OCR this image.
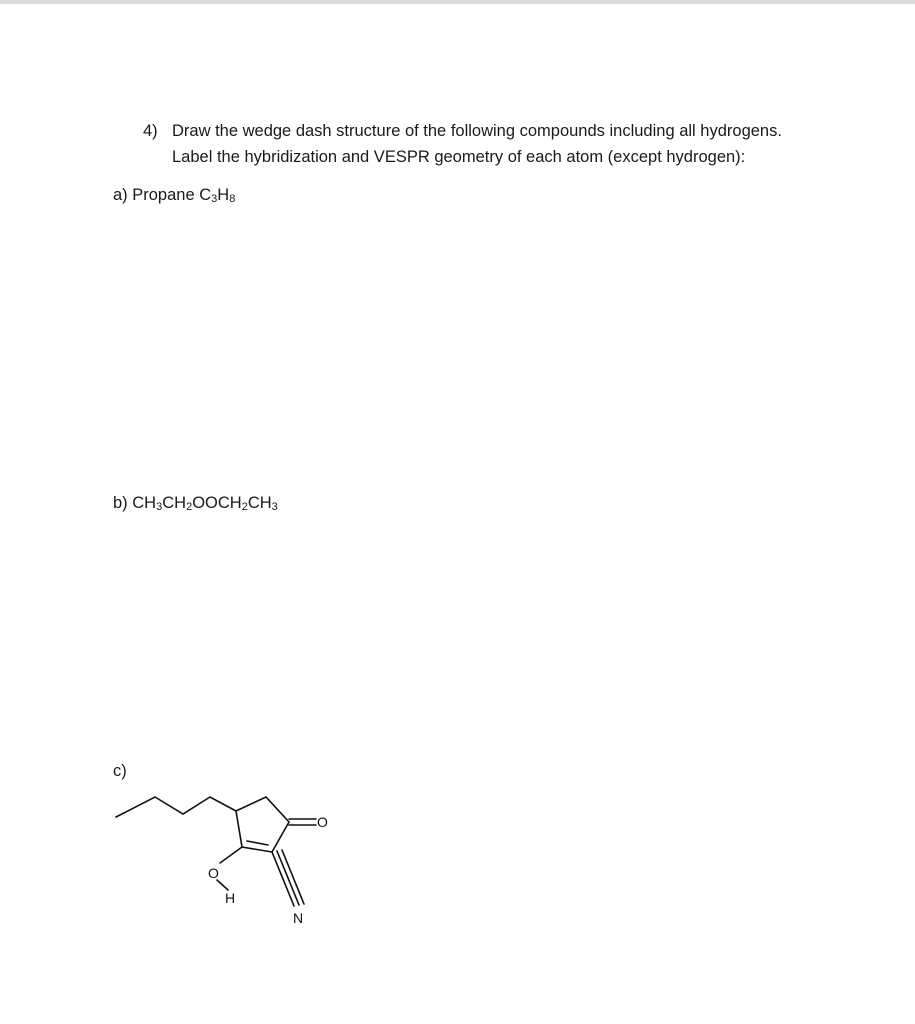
4) Draw the wedge dash structure of the following compounds including all hydrogens.
Label the hybridization and VESPR geometry of each atom (except hydrogen):
a) Propane $C_3H_8$
b) $CH_3CH_2OOCH_2CH_3$
c)
O
O
H
N
